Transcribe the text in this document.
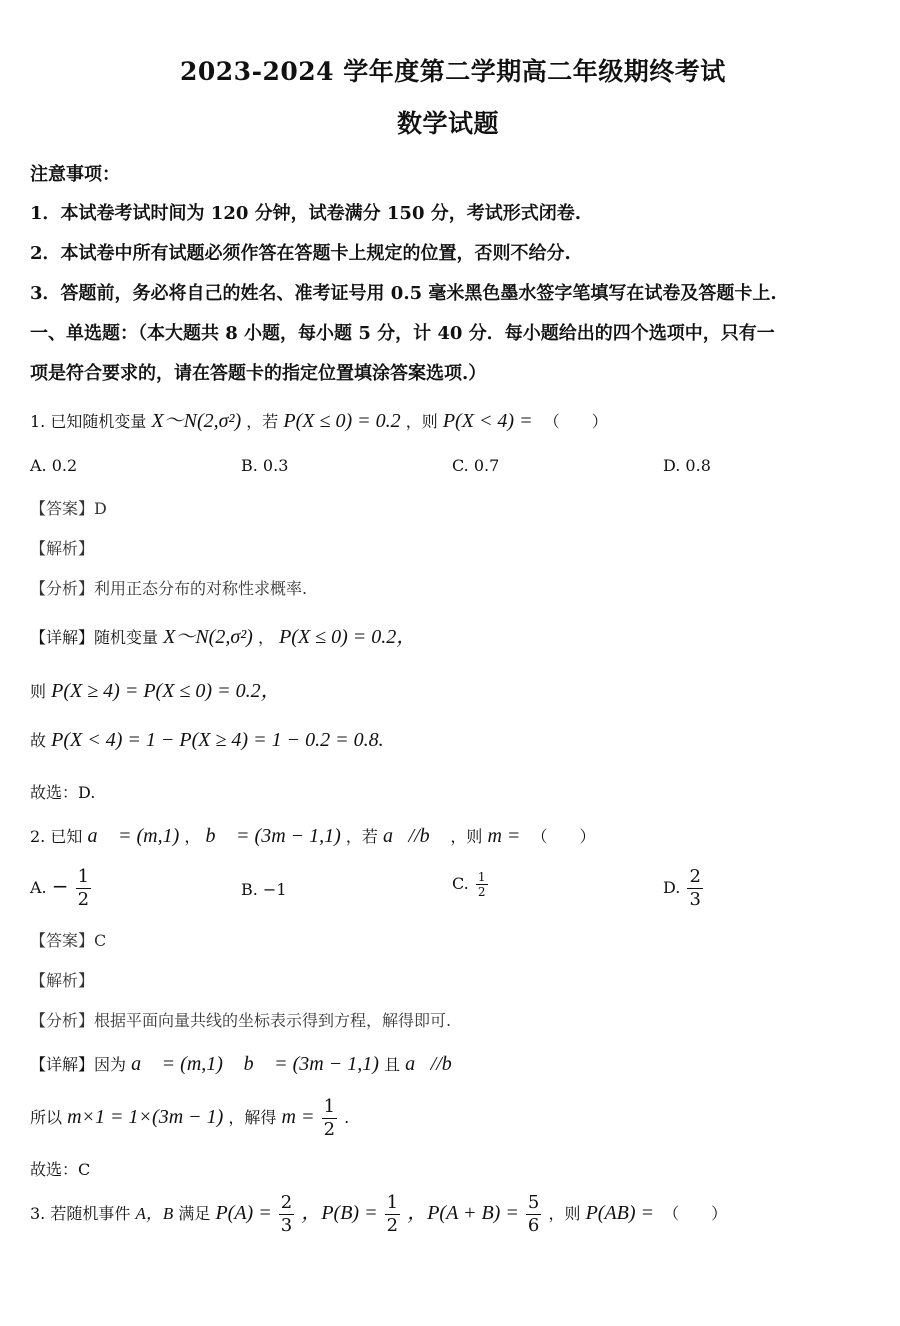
2023-2024 学年度第二学期高二年级期终考试
数学试题
注意事项：
1．本试卷考试时间为 120 分钟，试卷满分 150 分，考试形式闭卷.
2．本试卷中所有试题必须作答在答题卡上规定的位置，否则不给分.
3．答题前，务必将自己的姓名、准考证号用 0.5 毫米黑色墨水签字笔填写在试卷及答题卡上.
一、单选题：（本大题共 8 小题，每小题 5 分，计 40 分．每小题给出的四个选项中，只有一
项是符合要求的，请在答题卡的指定位置填涂答案选项.）
1. 已知随机变量 X～N(2,σ²) ，若 P(X ≤ 0) = 0.2 ，则 P(X < 4) = （　　）
A. 0.2	B. 0.3	C. 0.7	D. 0.8
【答案】D
【解析】
【分析】利用正态分布的对称性求概率.
【详解】随机变量 X～N(2,σ²) ， P(X ≤ 0) = 0.2，
则 P(X ≥ 4) = P(X ≤ 0) = 0.2，
故 P(X < 4) = 1 − P(X ≥ 4) = 1 − 0.2 = 0.8.
故选：D.
2. 已知 a⃗ = (m,1) ， b⃗ = (3m − 1,1) ，若 a⃗//b⃗ ，则 m = （　　）
A. − $\frac{1}{2}$	B. −1	C. $\frac{1}{2}$	D. $\frac{2}{3}$
【答案】C
【解析】
【分析】根据平面向量共线的坐标表示得到方程，解得即可.
【详解】因为 a⃗ = (m,1) ，b⃗ = (3m − 1,1) 且 a⃗//b⃗，
所以 m×1 = 1×(3m − 1) ，解得 $m = \frac{1}{2}$ .
故选：C
3. 若随机事件 A，B 满足 $P(A) = \frac{2}{3}$ ，$P(B) = \frac{1}{2}$ ，$P(A + B) = \frac{5}{6}$ ，则 P(AB) = （　　）
